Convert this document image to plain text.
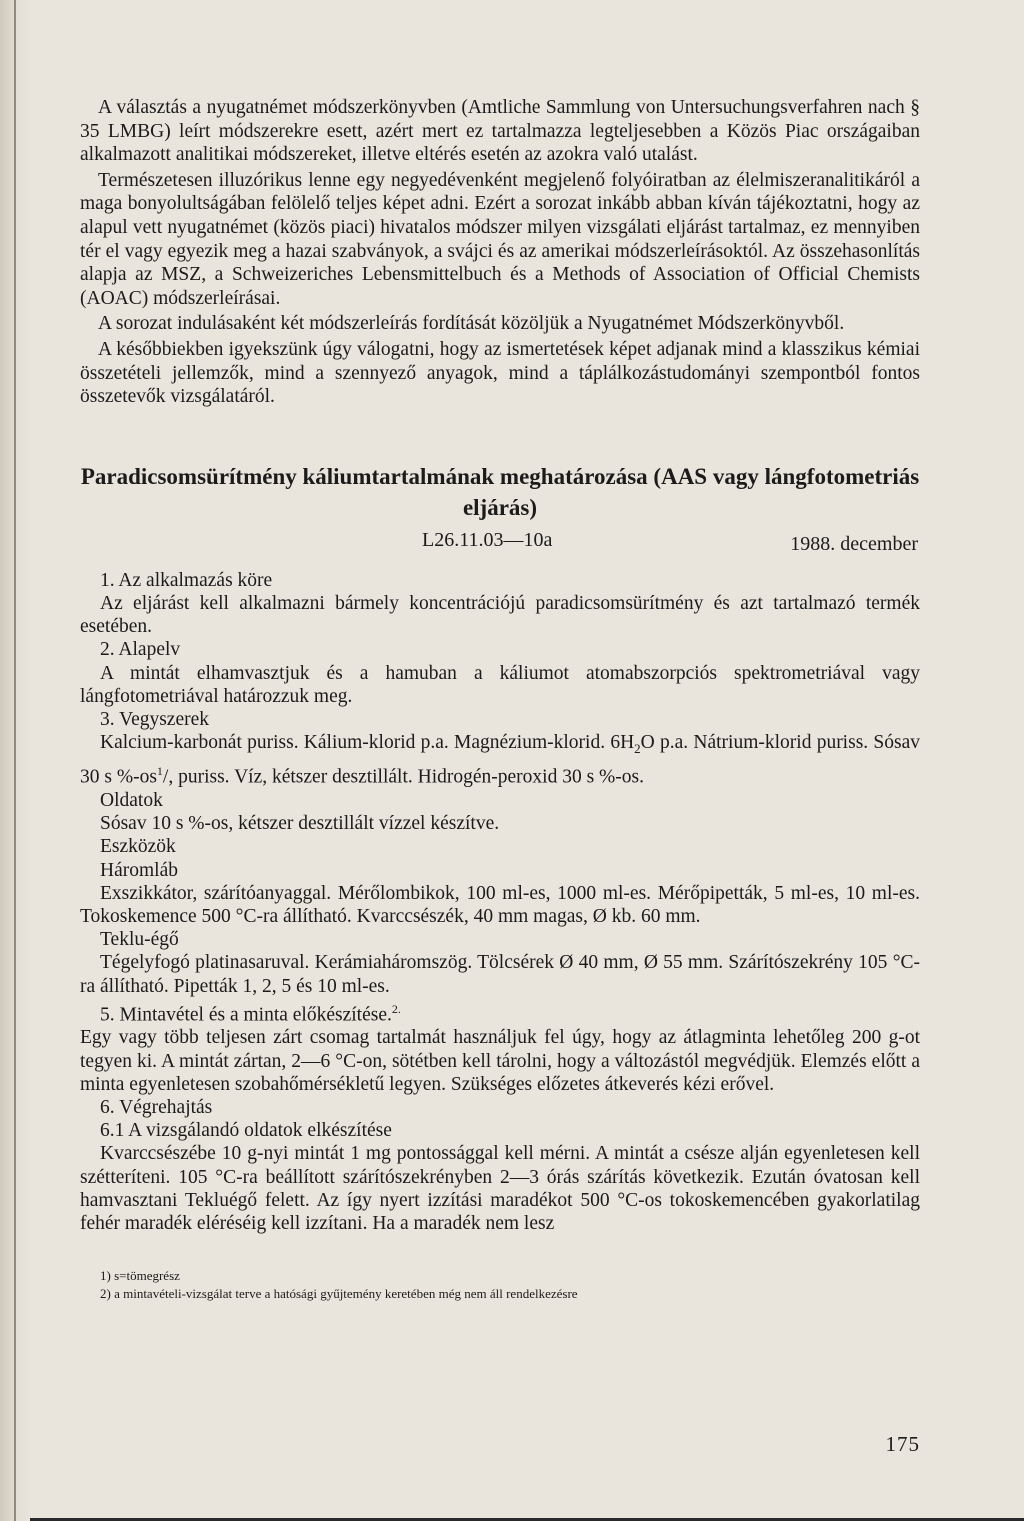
A választás a nyugatnémet módszerkönyvben (Amtliche Sammlung von Untersuchungsverfahren nach § 35 LMBG) leírt módszerekre esett, azért mert ez tartalmazza legteljesebben a Közös Piac országaiban alkalmazott analitikai módszereket, illetve eltérés esetén az azokra való utalást.

Természetesen illuzórikus lenne egy negyedévenként megjelenő folyóiratban az élelmiszeranalitikáról a maga bonyolultságában felölelő teljes képet adni. Ezért a sorozat inkább abban kíván tájékoztatni, hogy az alapul vett nyugatnémet (közös piaci) hivatalos módszer milyen vizsgálati eljárást tartalmaz, ez mennyiben tér el vagy egyezik meg a hazai szabványok, a svájci és az amerikai módszerleírásoktól. Az összehasonlítás alapja az MSZ, a Schweizeriches Lebensmittelbuch és a Methods of Association of Official Chemists (AOAC) módszerleírásai.

A sorozat indulásaként két módszerleírás fordítását közöljük a Nyugatnémet Módszerkönyvből.

A későbbiekben igyekszünk úgy válogatni, hogy az ismertetések képet adjanak mind a klasszikus kémiai összetételi jellemzők, mind a szennyező anyagok, mind a táplálkozástudományi szempontból fontos összetevők vizsgálatáról.

Paradicsomsürítmény káliumtartalmának meghatározása (AAS vagy lángfotometriás eljárás)
L26.11.03—10a	1988. december

1. Az alkalmazás köre

Az eljárást kell alkalmazni bármely koncentrációjú paradicsomsürítmény és azt tartalmazó termék esetében.

2. Alapelv

A mintát elhamvasztjuk és a hamuban a káliumot atomabszorpciós spektrometriával vagy lángfotometriával határozzuk meg.

3. Vegyszerek

Kalcium-karbonát puriss. Kálium-klorid p.a. Magnézium-klorid. $6H_2O$ p.a. Nátrium-klorid puriss. Sósav 30 s $\%-os^1/$, puriss. Víz, kétszer desztillált. Hidrogén-peroxid 30 s %-os.

Oldatok

Sósav 10 s %-os, kétszer desztillált vízzel készítve.

Eszközök

Háromláb

Exszikkátor, szárítóanyaggal. Mérőlombikok, 100 ml-es, 1000 ml-es. Mérőpipetták, 5 ml-es, 10 ml-es. Tokoskemence 500 °C-ra állítható. Kvarccsészék, 40 mm magas, Ø kb. 60 mm.

Teklu-égő

Tégelyfogó platinasaruval. Kerámiaháromszög. Tölcsérek Ø 40 mm, Ø 55 mm. Szárítószekrény 105 °C-ra állítható. Pipetták 1, 2, 5 és 10 ml-es.

5. Mintavétel és a minta előkészítése.$^{2.}$

Egy vagy több teljesen zárt csomag tartalmát használjuk fel úgy, hogy az átlagminta lehetőleg 200 g-ot tegyen ki. A mintát zártan, 2—6 °C-on, sötétben kell tárolni, hogy a változástól megvédjük. Elemzés előtt a minta egyenletesen szobahőmérsékletű legyen. Szükséges előzetes átkeverés kézi erővel.

6. Végrehajtás

6.1 A vizsgálandó oldatok elkészítése

Kvarccsészébe 10 g-nyi mintát 1 mg pontossággal kell mérni. A mintát a csésze alján egyenletesen kell szétteríteni. 105 °C-ra beállított szárítószekrényben 2—3 órás szárítás következik. Ezután óvatosan kell hamvasztani Tekluégő felett. Az így nyert izzítási maradékot 500 °C-os tokoskemencében gyakorlatilag fehér maradék eléréséig kell izzítani. Ha a maradék nem lesz

1) s=tömegrész
2) a mintavételi-vizsgálat terve a hatósági gyűjtemény keretében még nem áll rendelkezésre
175
